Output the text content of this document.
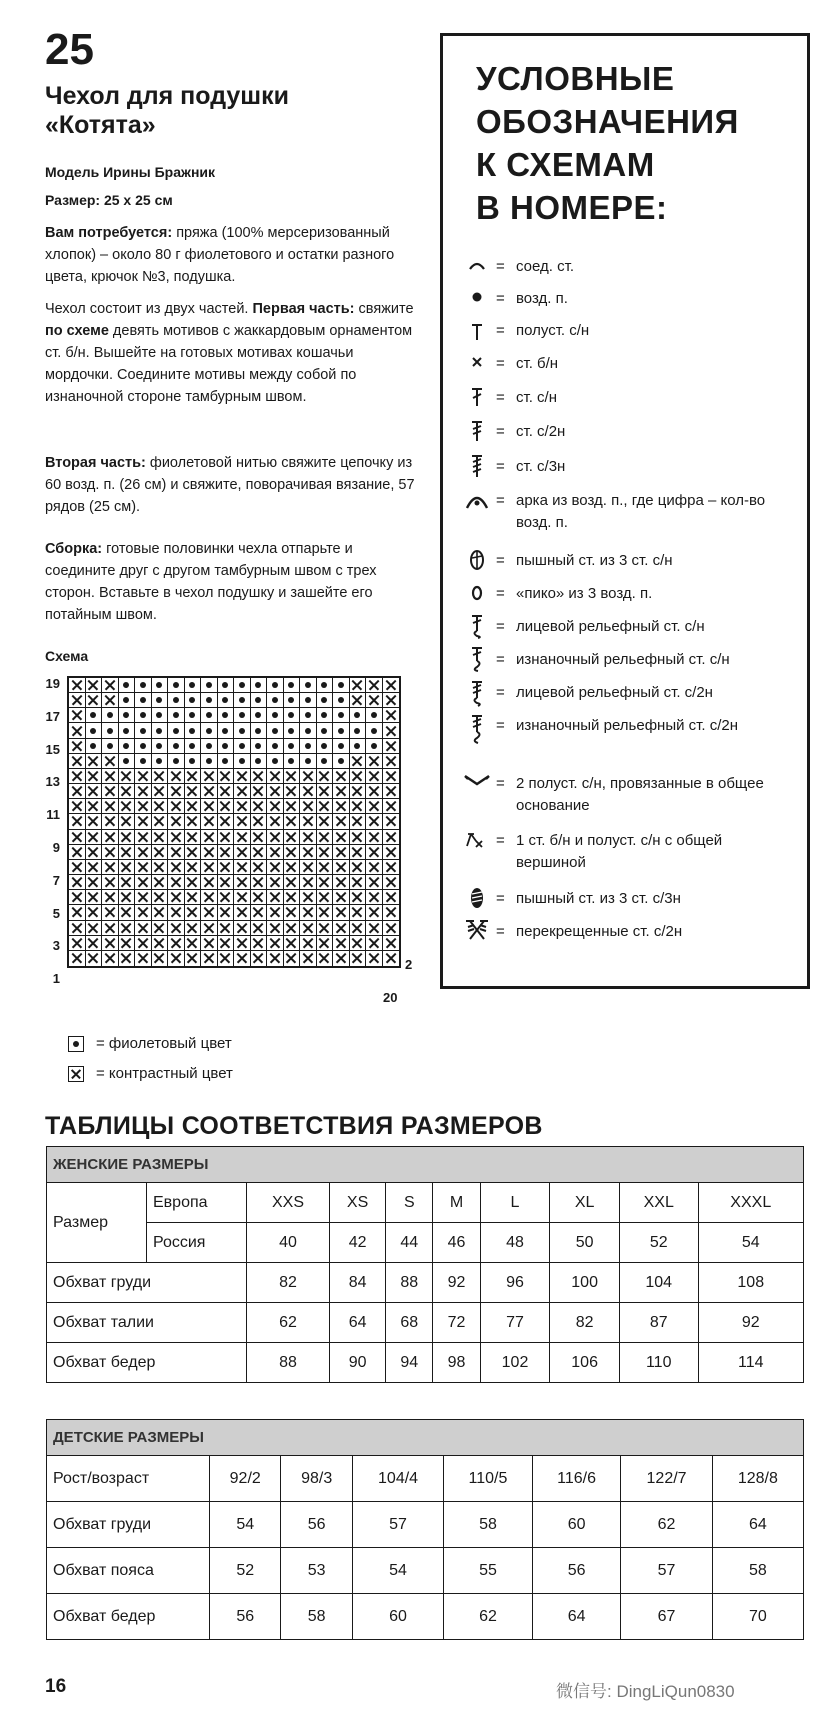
25
Чехол для подушки
«Котята»
Модель Ирины Бражник
Размер: 25 х 25 см
Вам потребуется: пряжа (100% мерсеризованный хлопок) – около 80 г фиолетового и остатки разного цвета, крючок №3, подушка.
Чехол состоит из двух частей. Первая часть: свяжите по схеме девять мотивов с жаккардовым орнаментом ст. б/н. Вышейте на готовых мотивах кошачьи мордочки. Соедините мотивы между собой по изнаночной стороне тамбурным швом.
Вторая часть: фиолетовой нитью свяжите цепочку из 60 возд. п. (26 см) и свяжите, поворачивая вязание, 57 рядов (25 см).
Сборка: готовые половинки чехла отпарьте и соедините друг с другом тамбурным швом с трех сторон. Вставьте в чехол подушку и зашейте его потайным швом.
Схема
19
17
15
13
11
9
7
5
3
1
2
20
= фиолетовый цвет
= контрастный цвет
УСЛОВНЫЕ
ОБОЗНАЧЕНИЯ
К СХЕМАМ
В НОМЕРЕ:
= соед. ст.
= возд. п.
= полуст. с/н
= ст. б/н
= ст. с/н
= ст. с/2н
= ст. с/3н
= арка из возд. п., где цифра – кол-во возд. п.
= пышный ст. из 3 ст. с/н
= «пико» из 3 возд. п.
= лицевой рельефный ст. с/н
= изнаночный рельефный ст. с/н
= лицевой рельефный ст. с/2н
= изнаночный рельефный ст. с/2н
= 2 полуст. с/н, провязанные в общее основание
= 1 ст. б/н и полуст. с/н с общей вершиной
= пышный ст. из 3 ст. с/3н
= перекрещенные ст. с/2н
ТАБЛИЦЫ СООТВЕТСТВИЯ РАЗМЕРОВ
ЖЕНСКИЕ РАЗМЕРЫ									
Размер	Европа	XXS	XS	S	M	L	XL	XXL	XXXL
	Россия	40	42	44	46	48	50	52	54
Обхват груди		82	84	88	92	96	100	104	108
Обхват талии		62	64	68	72	77	82	87	92
Обхват бедер		88	90	94	98	102	106	110	114
ДЕТСКИЕ РАЗМЕРЫ							
Рост/возраст	92/2	98/3	104/4	110/5	116/6	122/7	128/8
Обхват груди	54	56	57	58	60	62	64
Обхват пояса	52	53	54	55	56	57	58
Обхват бедер	56	58	60	62	64	67	70
16	微信号: DingLiQun0830
